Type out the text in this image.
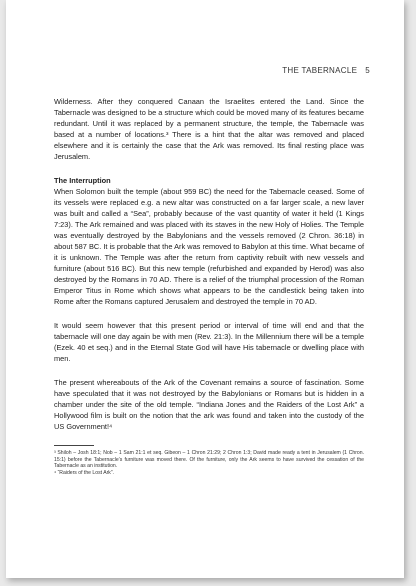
THE TABERNACLE 5

Wilderness. After they conquered Canaan the Israelites entered the Land. Since the Tabernacle was designed to be a structure which could be moved many of its features became redundant. Until it was replaced by a permanent structure, the temple, the Tabernacle was based at a number of locations.³ There is a hint that the altar was removed and placed elsewhere and it is certainly the case that the Ark was removed. Its final resting place was Jerusalem.

The Interruption

When Solomon built the temple (about 959 BC) the need for the Tabernacle ceased. Some of its vessels were replaced e.g. a new altar was constructed on a far larger scale, a new laver was built and called a “Sea”, probably because of the vast quantity of water it held (1 Kings 7:23). The Ark remained and was placed with its staves in the new Holy of Holies. The Temple was eventually destroyed by the Babylonians and the vessels removed (2 Chron. 36:18) in about 587 BC. It is probable that the Ark was removed to Babylon at this time. What became of it is unknown. The Temple was after the return from captivity rebuilt with new vessels and furniture (about 516 BC). But this new temple (refurbished and expanded by Herod) was also destroyed by the Romans in 70 AD. There is a relief of the triumphal procession of the Roman Emperor Titus in Rome which shows what appears to be the candlestick being taken into Rome after the Romans captured Jerusalem and destroyed the temple in 70 AD.

It would seem however that this present period or interval of time will end and that the tabernacle will one day again be with men (Rev. 21:3). In the Millennium there will be a temple (Ezek. 40 et seq.) and in the Eternal State God will have His tabernacle or dwelling place with men.

The present whereabouts of the Ark of the Covenant remains a source of fascination. Some have speculated that it was not destroyed by the Babylonians or Romans but is hidden in a chamber under the site of the old temple. “Indiana Jones and the Raiders of the Lost Ark” a Hollywood film is built on the notion that the ark was found and taken into the custody of the US Government!⁴

³ Shiloh – Josh 18:1; Nob – 1 Sam 21:1 et seq. Gibeon – 1 Chron 21:29; 2 Chron 1:3; David made ready a tent in Jerusalem (1 Chron. 15:1) before the Tabernacle’s furniture was moved there. Of the furniture, only the Ark seems to have survived the cessation of the Tabernacle as an institution.

⁴ “Raiders of the Lost Ark”.
